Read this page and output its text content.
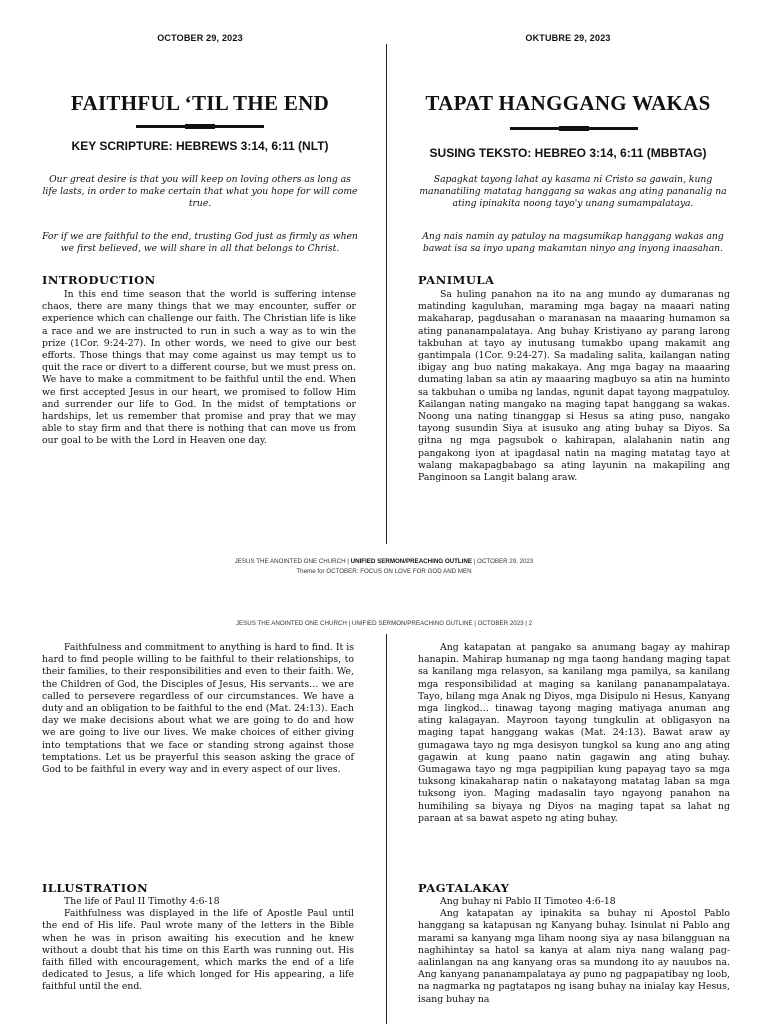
OCTOBER 29, 2023
FAITHFUL ‘TIL THE END
KEY SCRIPTURE: HEBREWS 3:14, 6:11 (NLT)
Our great desire is that you will keep on loving others as long as life lasts, in order to make certain that what you hope for will come true.
For if we are faithful to the end, trusting God just as firmly as when we first believed, we will share in all that belongs to Christ.
INTRODUCTION

In this end time season that the world is suffering intense chaos, there are many things that we may encounter, suffer or experience which can challenge our faith. The Christian life is like a race and we are instructed to run in such a way as to win the prize (1Cor. 9:24-27). In other words, we need to give our best efforts. Those things that may come against us may tempt us to quit the race or divert to a different course, but we must press on. We have to make a commitment to be faithful until the end. When we first accepted Jesus in our heart, we promised to follow Him and surrender our life to God. In the midst of temptations or hardships, let us remember that promise and pray that we may able to stay firm and that there is nothing that can move us from our goal to be with the Lord in Heaven one day.

OKTUBRE 29, 2023
TAPAT HANGGANG WAKAS
SUSING TEKSTO: HEBREO 3:14, 6:11 (MBBTAG)
Sapagkat tayong lahat ay kasama ni Cristo sa gawain, kung mananatiling matatag hanggang sa wakas ang ating pananalig na ating ipinakita noong tayo'y unang sumampalataya.
Ang nais namin ay patuloy na magsumikap hanggang wakas ang bawat isa sa inyo upang makamtan ninyo ang inyong inaasahan.
PANIMULA

Sa huling panahon na ito na ang mundo ay dumaranas ng matinding kaguluhan, maraming mga bagay na maaari nating makaharap, pagdusahan o maranasan na maaaring humamon sa ating pananampalataya. Ang buhay Kristiyano ay parang larong takbuhan at tayo ay inutusang tumakbo upang makamit ang gantimpala (1Cor. 9:24-27). Sa madaling salita, kailangan nating ibigay ang buo nating makakaya. Ang mga bagay na maaaring dumating laban sa atin ay maaaring magbuyo sa atin na huminto sa takbuhan o umiba ng landas, ngunit dapat tayong magpatuloy. Kailangan nating mangako na maging tapat hanggang sa wakas. Noong una nating tinanggap si Hesus sa ating puso, nangako tayong susundin Siya at isusuko ang ating buhay sa Diyos. Sa gitna ng mga pagsubok o kahirapan, alalahanin natin ang pangakong iyon at ipagdasal natin na maging matatag tayo at walang makapagbabago sa ating layunin na makapiling ang Panginoon sa Langit balang araw.

JESUS THE ANOINTED ONE CHURCH | UNIFIED SERMON/PREACHING OUTLINE | OCTOBER 29, 2023
Theme for OCTOBER: FOCUS ON LOVE FOR GOD AND MEN
JESUS THE ANOINTED ONE CHURCH | UNIFIED SERMON/PREACHING OUTLINE | OCTOBER 2023 | 2

Faithfulness and commitment to anything is hard to find. It is hard to find people willing to be faithful to their relationships, to their families, to their responsibilities and even to their faith. We, the Children of God, the Disciples of Jesus, His servants… we are called to persevere regardless of our circumstances. We have a duty and an obligation to be faithful to the end (Mat. 24:13). Each day we make decisions about what we are going to do and how we are going to live our lives. We make choices of either giving into temptations that we face or standing strong against those temptations. Let us be prayerful this season asking the grace of God to be faithful in every way and in every aspect of our lives.

ILLUSTRATION

The life of Paul II Timothy 4:6-18

Faithfulness was displayed in the life of Apostle Paul until the end of His life. Paul wrote many of the letters in the Bible when he was in prison awaiting his execution and he knew without a doubt that his time on this Earth was running out. His faith filled with encouragement, which marks the end of a life dedicated to Jesus, a life which longed for His appearing, a life faithful until the end.

Ang katapatan at pangako sa anumang bagay ay mahirap hanapin. Mahirap humanap ng mga taong handang maging tapat sa kanilang mga relasyon, sa kanilang mga pamilya, sa kanilang mga responsibilidad at maging sa kanilang pananampalataya. Tayo, bilang mga Anak ng Diyos, mga Disipulo ni Hesus, Kanyang mga lingkod… tinawag tayong maging matiyaga anuman ang ating kalagayan. Mayroon tayong tungkulin at obligasyon na maging tapat hanggang wakas (Mat. 24:13). Bawat araw ay gumagawa tayo ng mga desisyon tungkol sa kung ano ang ating gagawin at kung paano natin gagawin ang ating buhay. Gumagawa tayo ng mga pagpipilian kung papayag tayo sa mga tuksong kinakaharap natin o nakatayong matatag laban sa mga tuksong iyon. Maging madasalin tayo ngayong panahon na humihiling sa biyaya ng Diyos na maging tapat sa lahat ng paraan at sa bawat aspeto ng ating buhay.

PAGTALAKAY

Ang buhay ni Pablo II Timoteo 4:6-18

Ang katapatan ay ipinakita sa buhay ni Apostol Pablo hanggang sa katapusan ng Kanyang buhay. Isinulat ni Pablo ang marami sa kanyang mga liham noong siya ay nasa bilangguan na naghihintay sa hatol sa kanya at alam niya nang walang pag-aalinlangan na ang kanyang oras sa mundong ito ay nauubos na. Ang kanyang pananampalataya ay puno ng pagpapatibay ng loob, na nagmarka ng pagtatapos ng isang buhay na inialay kay Hesus, isang buhay na
